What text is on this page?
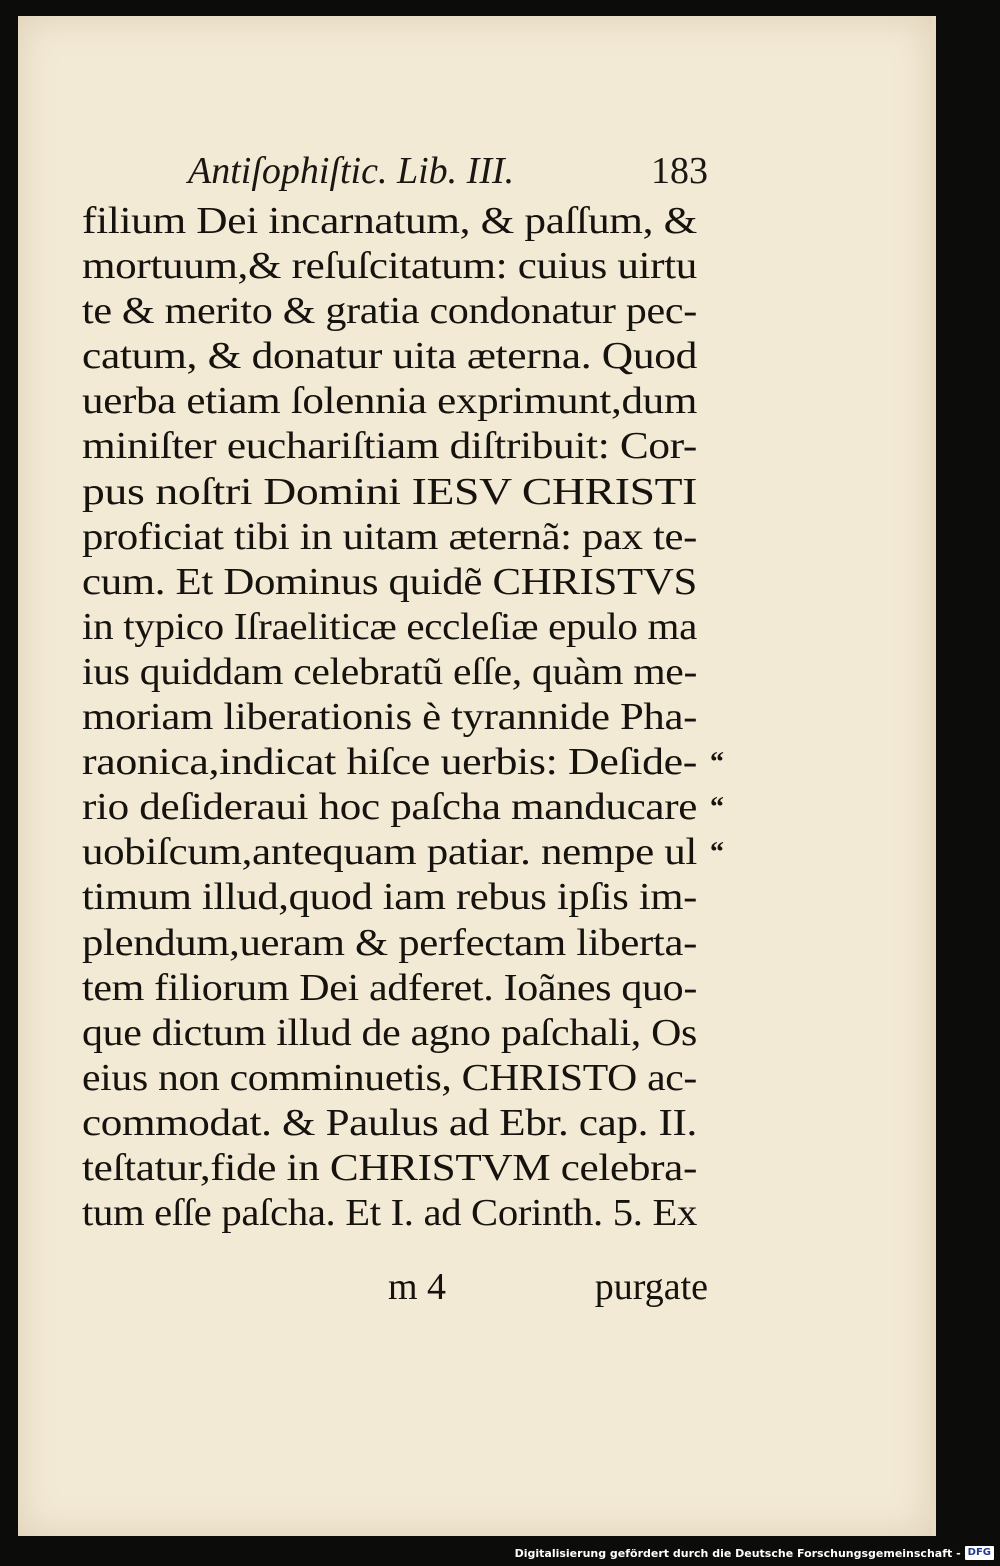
Antiſophiſtic. Lib. III.	183
filium Dei incarnatum, & paſſum, &
mortuum,& reſuſcitatum: cuius uirtu
te & merito & gratia condonatur pec-
catum, & donatur uita æterna. Quod
uerba etiam ſolennia exprimunt,dum
miniſter euchariſtiam diſtribuit: Cor-
pus noſtri Domini IESV CHRISTI
proficiat tibi in uitam æternã: pax te-
cum. Et Dominus quidẽ CHRISTVS
in typico Iſraeliticæ eccleſiæ epulo ma
ius quiddam celebratũ eſſe, quàm me-
moriam liberationis è tyrannide Pha-
raonica,indicat hiſce uerbis: Deſide- “
rio deſideraui hoc paſcha manducare “
uobiſcum,antequam patiar. nempe ul “
timum illud,quod iam rebus ipſis im-
plendum,ueram & perfectam liberta-
tem filiorum Dei adferet. Ioãnes quo-
que dictum illud de agno paſchali, Os
eius non comminuetis, CHRISTO ac-
commodat. & Paulus ad Ebr. cap. II.
teſtatur,fide in CHRISTVM celebra-
tum eſſe paſcha. Et I. ad Corinth. 5. Ex
m 4	purgate
Digitalisierung gefördert durch die Deutsche Forschungsgemeinschaft - DFG
